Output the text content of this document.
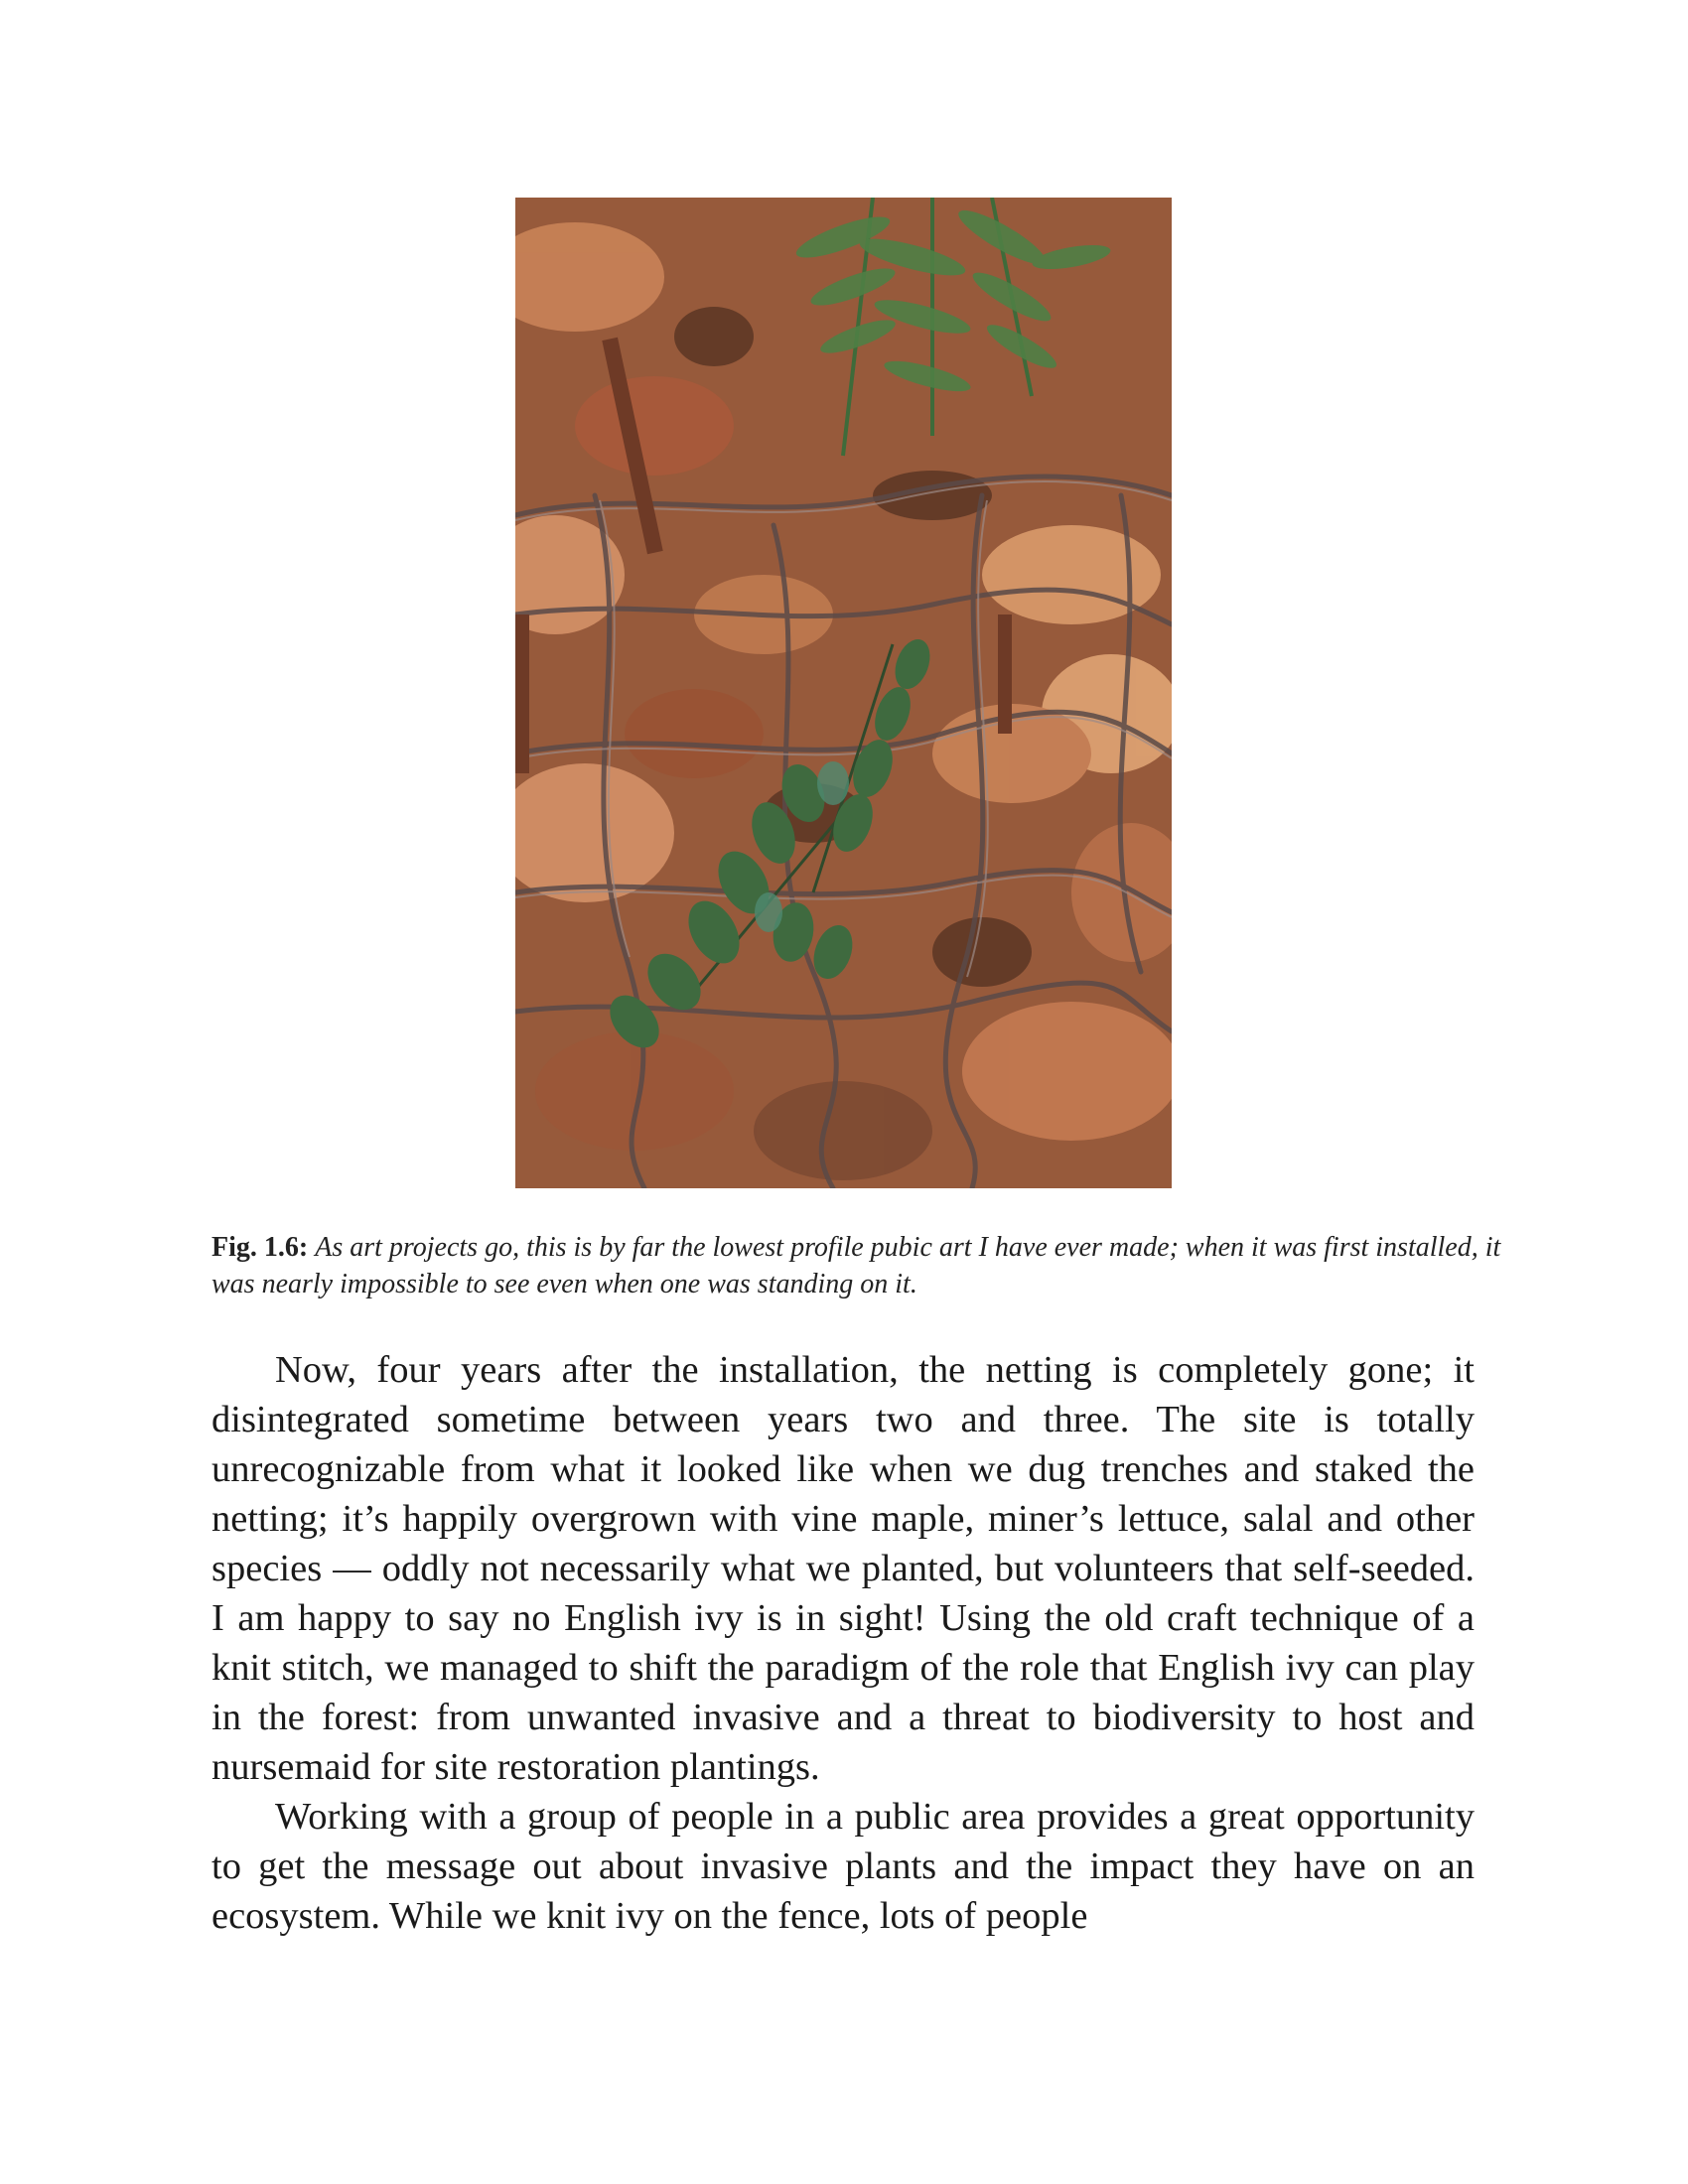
Fig. 1.6: As art projects go, this is by far the lowest profile pubic art I have ever made; when it was first installed, it was nearly impossible to see even when one was standing on it.

Now, four years after the installation, the netting is completely gone; it disintegrated sometime between years two and three. The site is totally unrecognizable from what it looked like when we dug trenches and staked the netting; it’s happily overgrown with vine maple, miner’s lettuce, salal and other species — oddly not necessarily what we planted, but volunteers that self-seeded. I am happy to say no English ivy is in sight! Using the old craft technique of a knit stitch, we managed to shift the paradigm of the role that English ivy can play in the forest: from unwanted invasive and a threat to biodiversity to host and nursemaid for site restoration plantings.

Working with a group of people in a public area provides a great opportunity to get the message out about invasive plants and the impact they have on an ecosystem. While we knit ivy on the fence, lots of people
